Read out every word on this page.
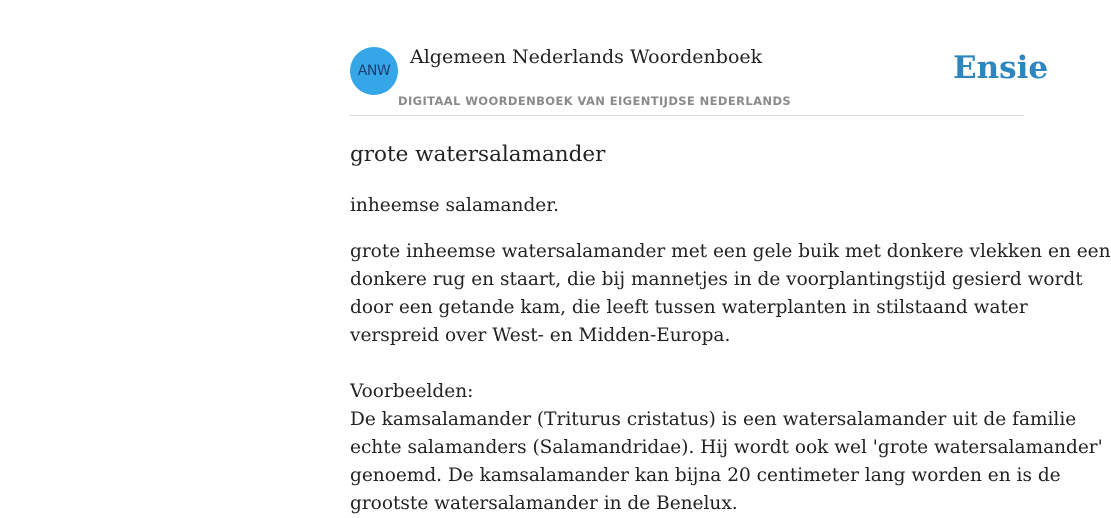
ANW
Algemeen Nederlands Woordenboek
DIGITAAL WOORDENBOEK VAN EIGENTIJDSE NEDERLANDS
Ensie
grote watersalamander

inheemse salamander.

grote inheemse watersalamander met een gele buik met donkere vlekken en een
donkere rug en staart, die bij mannetjes in de voorplantingstijd gesierd wordt
door een getande kam, die leeft tussen waterplanten in stilstaand water
verspreid over West- en Midden-Europa.

Voorbeelden:

De kamsalamander (Triturus cristatus) is een watersalamander uit de familie
echte salamanders (Salamandridae). Hij wordt ook wel 'grote watersalamander'
genoemd. De kamsalamander kan bijna 20 centimeter lang worden en is de
grootste watersalamander in de Benelux.
